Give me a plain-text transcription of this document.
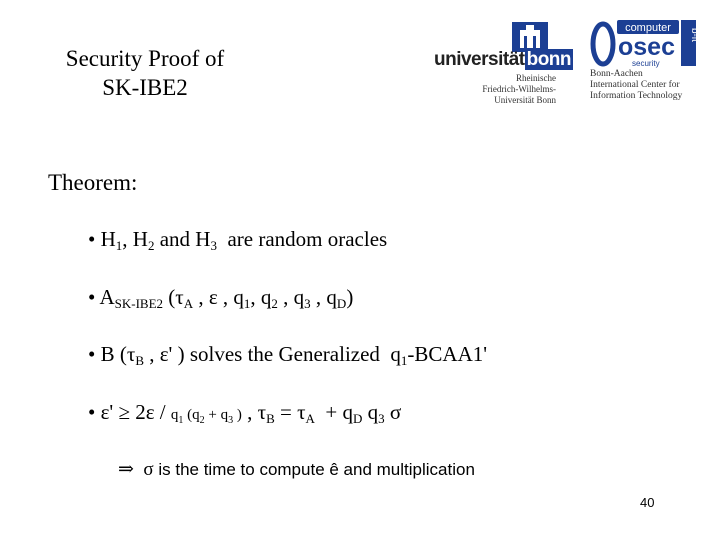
Security Proof of
SK-IBE2
universität bonn
Rheinische
Friedrich-Wilhelms-
Universität Bonn
computer
osec
security
b-it
Bonn-Aachen
International Center for
Information Technology
Theorem:
• $H_1$, $H_2$ and $H_3$  are random oracles
• $A_{SK-IBE2}$ ($\tau_A$ , ε , $q_1$, $q_2$ , $q_3$ , $q_D$)
• B ($\tau_B$ , ε' ) solves the Generalized  $q_1-BCAA1'$
• $\varepsilon' \ge 2\varepsilon / q_1$ ($q_2 + q_3$ ) , $\tau_B = \tau_A + q_D$ $q_3$ σ
⇒ σ is the time to compute ê and multiplication
40
